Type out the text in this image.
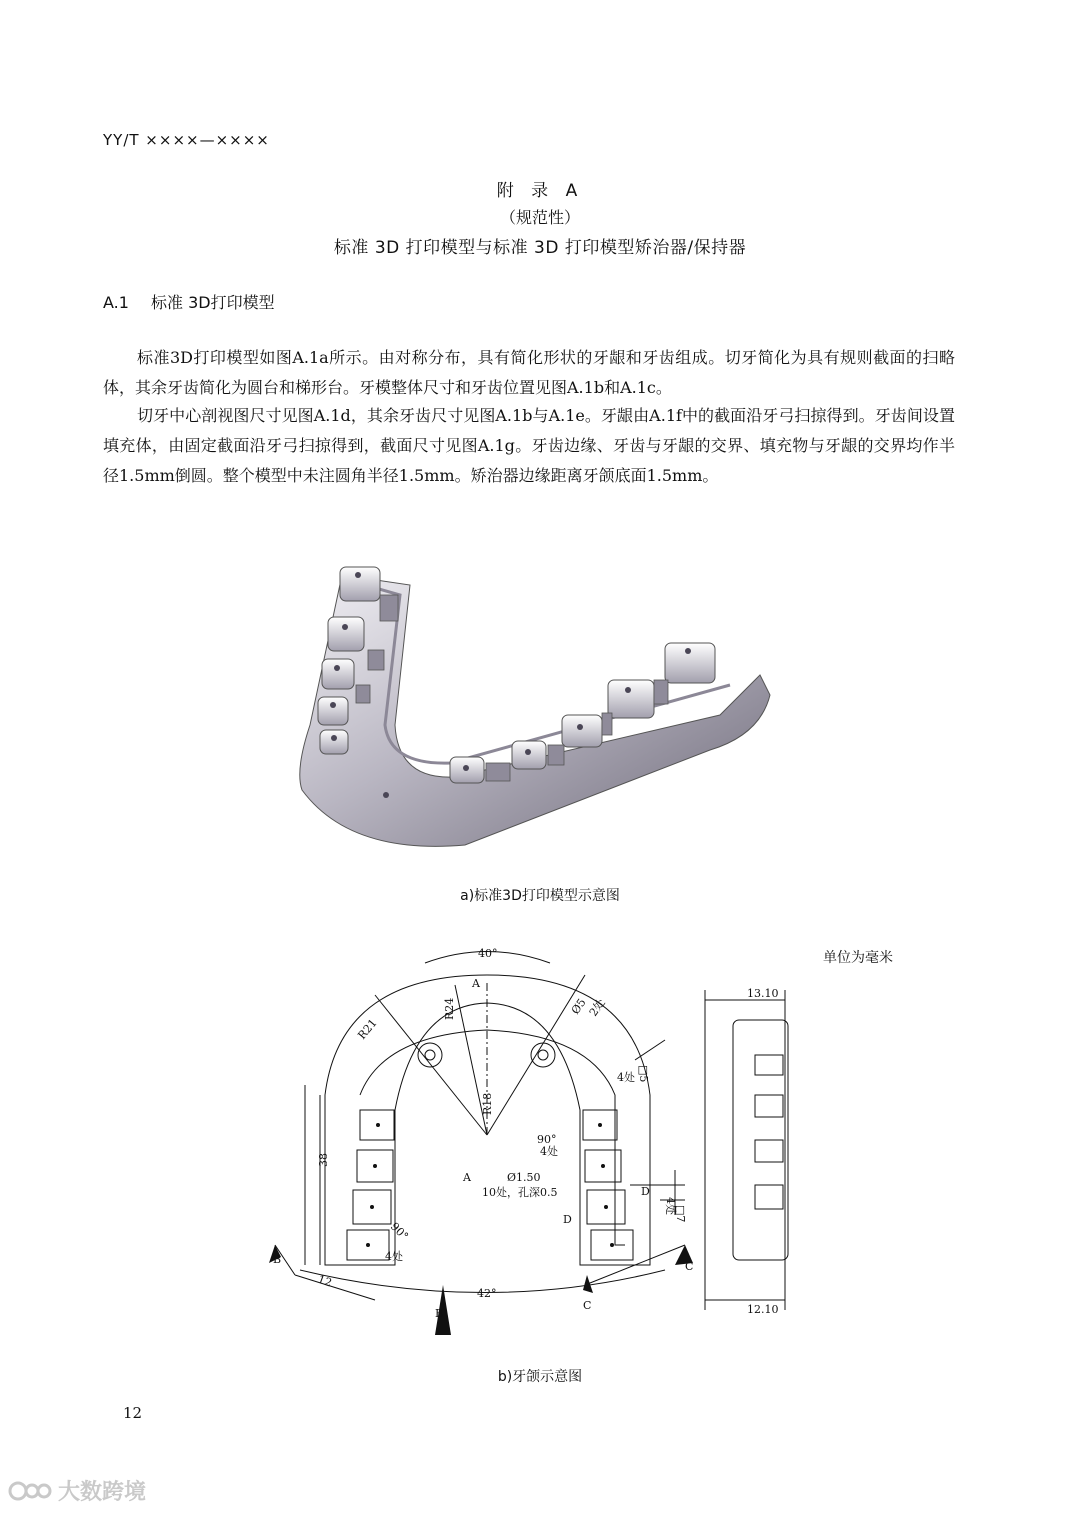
YY/T ××××—××××
附 录 A
（规范性）
标准 3D 打印模型与标准 3D 打印模型矫治器/保持器
A.1 标准 3D打印模型
标准3D打印模型如图A.1a所示。由对称分布，具有简化形状的牙龈和牙齿组成。切牙简化为具有规则截面的扫略体，其余牙齿简化为圆台和梯形台。牙模整体尺寸和牙齿位置见图A.1b和A.1c。
切牙中心剖视图尺寸见图A.1d，其余牙齿尺寸见图A.1b与A.1e。牙龈由A.1f中的截面沿牙弓扫掠得到。牙齿间设置填充体，由固定截面沿牙弓扫掠得到，截面尺寸见图A.1g。牙齿边缘、牙齿与牙龈的交界、填充物与牙龈的交界均作半径1.5mm倒圆。整个模型中未注圆角半径1.5mm。矫治器边缘距离牙颌底面1.5mm。
a)标准3D打印模型示意图
单位为毫米
40°
A
R24
R21
R18
Ø5
2处
4处 □5
90°
4处
38
A	Ø1.50
10处，孔深0.5
D
D
□7
4处
90°
4处
B
12
42°
B
C
C
13.10
12.10
b)牙颌示意图
12
大数跨境
